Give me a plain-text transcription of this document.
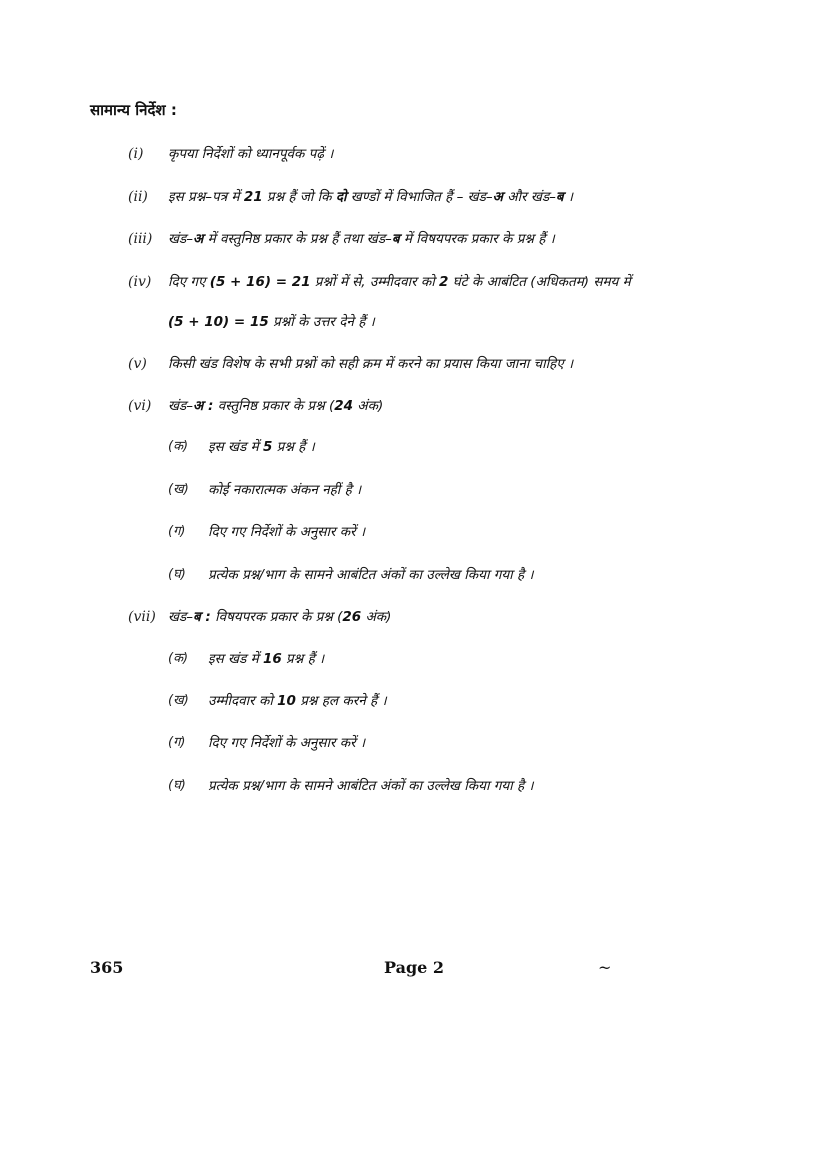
सामान्य निर्देश :
(i) कृपया निर्देशों को ध्यानपूर्वक पढ़ें ।
(ii) इस प्रश्न–पत्र में 21 प्रश्न हैं जो कि दो खण्डों में विभाजित हैं – खंड–अ और खंड–ब ।
(iii) खंड–अ में वस्तुनिष्ठ प्रकार के प्रश्न हैं तथा खंड–ब में विषयपरक प्रकार के प्रश्न हैं ।
(iv) दिए गए (5 + 16) = 21 प्रश्नों में से, उम्मीदवार को 2 घंटे के आबंटित (अधिकतम) समय में
(5 + 10) = 15 प्रश्नों के उत्तर देने हैं ।
(v) किसी खंड विशेष के सभी प्रश्नों को सही क्रम में करने का प्रयास किया जाना चाहिए ।
(vi) खंड–अ : वस्तुनिष्ठ प्रकार के प्रश्न (24 अंक)
(क) इस खंड में 5 प्रश्न हैं ।
(ख) कोई नकारात्मक अंकन नहीं है ।
(ग) दिए गए निर्देशों के अनुसार करें ।
(घ) प्रत्येक प्रश्न/भाग के सामने आबंटित अंकों का उल्लेख किया गया है ।
(vii) खंड–ब : विषयपरक प्रकार के प्रश्न (26 अंक)
(क) इस खंड में 16 प्रश्न हैं ।
(ख) उम्मीदवार को 10 प्रश्न हल करने हैं ।
(ग) दिए गए निर्देशों के अनुसार करें ।
(घ) प्रत्येक प्रश्न/भाग के सामने आबंटित अंकों का उल्लेख किया गया है ।
365	Page 2	~
